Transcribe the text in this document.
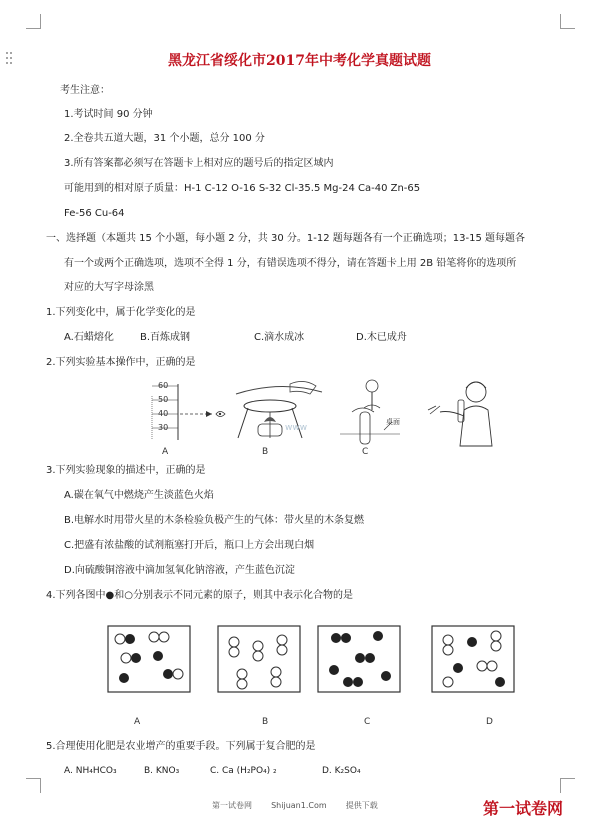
黑龙江省绥化市2017年中考化学真题试题
考生注意：
1.考试时间 90 分钟
2.全卷共五道大题，31 个小题，总分 100 分
3.所有答案都必须写在答题卡上相对应的题号后的指定区域内
可能用到的相对原子质量：H-1 C-12 O-16 S-32 Cl-35.5 Mg-24 Ca-40 Zn-65
Fe-56 Cu-64
一、选择题（本题共 15 个小题，每小题 2 分，共 30 分。1-12 题每题各有一个正确选项；13-15 题每题各
有一个或两个正确选项，选项不全得 1 分，有错误选项不得分，请在答题卡上用 2B 铅笔将你的选项所
对应的大写字母涂黑
1.下列变化中，属于化学变化的是
A.石蜡熔化	B.百炼成钢	C.滴水成冰	D.木已成舟
2.下列实验基本操作中，正确的是
60
50
40
30
A
www
B
桌面
C
3.下列实验现象的描述中，正确的是
A.碳在氧气中燃烧产生淡蓝色火焰
B.电解水时用带火星的木条检验负极产生的气体：带火星的木条复燃
C.把盛有浓盐酸的试剂瓶塞打开后，瓶口上方会出现白烟
D.向硫酸铜溶液中滴加氢氧化钠溶液，产生蓝色沉淀
4.下列各图中●和○分别表示不同元素的原子，则其中表示化合物的是
A	B	C	D
5.合理使用化肥是农业增产的重要手段。下列属于复合肥的是
A. NH₄HCO₃	B. KNO₃	C. Ca (H₂PO₄) ₂	D. K₂SO₄
第一试卷网 Shijuan1.Com 提供下载	第一试卷网
